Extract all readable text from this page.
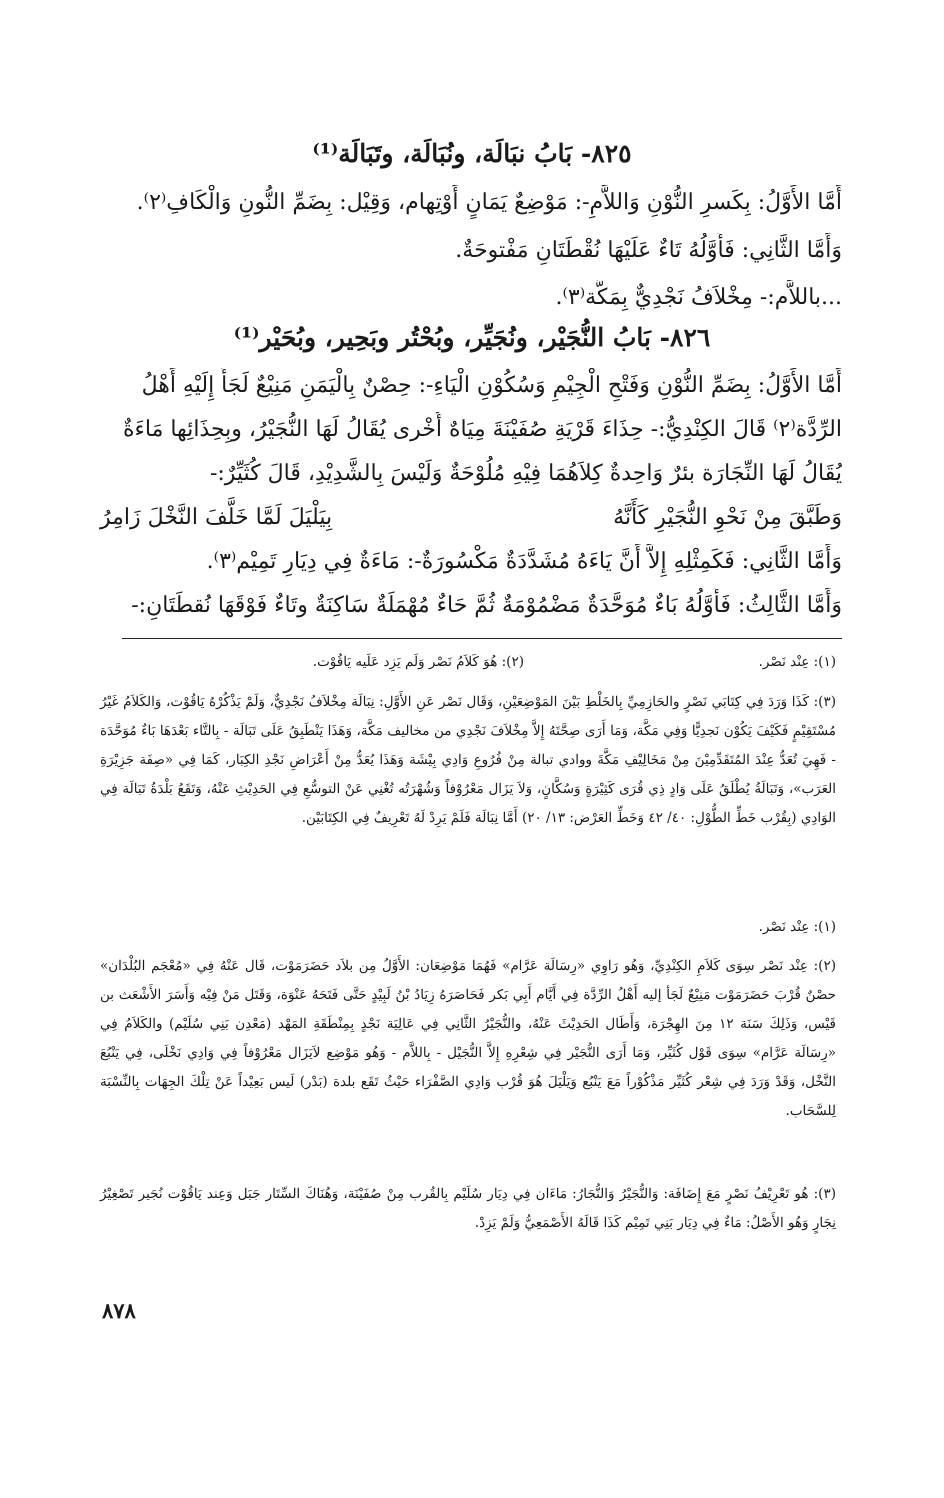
٨٢٥- بَابُ نبَالَة، ونُبَالَة، وتَبَالَة⁽¹⁾
أَمَّا الأَوَّلُ: بِكَسرِ النُّوْنِ وَاللاَّمِ-: مَوْضِعٌ يَمَانٍ أَوْتِهام، وَقِيْل: بِضَمِّ النُّونِ وَالْكَافِ⁽٢⁾.
وَأَمَّا الثَّانِي: فَأَوَّلُهُ تَاءٌ عَلَيْهَا نُقْطَتَانِ مَفْتوحَةٌ.
...باللاَّم:- مِخْلاَفُ نَجْدِيٌّ بِمَكَّة⁽٣⁾.
٨٢٦- بَابُ النُّجَيْر، ونُجَيِّر، وبُحْتُر وبَحِير، وبُحَيْر⁽¹⁾
أَمَّا الأَوَّلُ: بِضَمِّ النُّوْنِ وَفَتْحِ الْجِيْمِ وَسُكُوْنِ الْيَاءِ-: حِصْنٌ بِالْيَمَنِ مَنِيْعٌ لَجَأَ إِلَيْهِ أَهْلُ
الرِّدَّة⁽٢⁾ قَالَ الكِنْدِيُّ:- حِذَاءَ قَرْيَةِ صُفَيْنَةَ مِيَاهٌ أُخْرى يُقَالُ لَهَا النُّجَيْرُ، وبِحِذَائِها مَاءَةٌ
يُقَالُ لَهَا النِّجَارَة بئرٌ وَاحِدةٌ كِلاَهُمَا فِيْهِ مُلُوْحَةٌ وَلَيْسَ بِالشَّدِيْدِ، قَالَ كُثَيِّرٌ:-
وَطَبَّقَ مِنْ نَحْوِ النُّجَيْرِ كَأَنَّهُ
بِيَلْيَلَ لَمَّا خَلَّفَ النَّخْلَ زَامِرُ
وَأَمَّا الثَّانِي: فَكَمِثْلِهِ إِلاَّ أَنَّ يَاءَهُ مُشَدَّدَةٌ مَكْسُورَةٌ-: مَاءَةٌ فِي دِيَارِ تَمِيْم⁽٣⁾.
وَأَمَّا الثَّالِثُ: فَأَوَّلُهُ بَاءٌ مُوَحَّدَةٌ مَضْمُوْمَةٌ ثُمَّ حَاءٌ مُهْمَلَةٌ سَاكِنَةٌ وتَاءٌ فَوْقَهَا نُقطَتَانِ:-
(١): عِنْد نَصْر.
(٢): هُوَ كَلاَمُ نَصْر وَلَم يَزِد عَلَيه يَاقُوْت.
(٣): كَذَا وَرَدَ فِي كِتَابَي نَصْرٍ والحَازِمِيِّ بِالخَلْطِ بَيْنَ المَوْضِعَيْنِ، وَقَال نَصْر عَنِ الأَوَّلِ: نِبَالَة مِخْلاَفُ نَجْدِيٌّ، وَلَمْ يَذْكُرْهُ يَاقُوْت، وَالكَلاَمُ غَيْرُ مُسْتَقِيْمٍ فَكَيْفَ يَكُوْن نَجدِيًّا وَفِي مَكَّة، وَمَا أَرَى صِحَّتَهُ إِلاَّ مِخْلاَفَ نَجْدِي من مخاليف مَكَّة، وَهَذَا يَنْطَبِقُ عَلَى تَبَالَة - بِالتَّاء بَعْدَهَا بَاءٌ مُوَحَّدَة - فَهِيَ تُعَدُّ عِنْدَ المُتَقَدِّمِيْنَ مِنْ مَخَالِيْفِ مَكَّةَ ووادي تبالة مِنْ فُرُوعِ وَادِي بِيْشَة وَهَذَا يُعَدُّ مِنْ أَعْرَاضِ نَجْدِ الكِبَار، كَمَا فِي «صِفَة جَزِيْرَةِ العَرَب»، وَتَبَالَةُ يُطْلَقُ عَلَى وَادٍ ذِي قُرَى كَثِيْرَةٍ وَسُكَّانٍ، وَلاَ يَزَال مَعْرُوْفاً وَشُهْرَتُه تُغْنِي عَنْ التوسُّعِ فِي الحَدِيْثِ عَنْهُ، وَتَقَعُ بَلْدَةُ تَبَالَة فِي الوَادِي (بِقُرْب خَطِّ الطُّوْلِ: ٤٠/ ٤٢ وَخَطِّ العَرْض: ١٣/ ٢٠) أَمَّا نِبَالَة فَلَمْ يَرِدْ لَهُ تَعْرِيفٌ فِي الكِتَابَيْن.
(١): عِنْد نَصْر.
(٢): عِنْد نَصْر سِوَى كَلاَمِ الكِنْدِيِّ، وَهُو رَاوِي «رِسَالَة عَرَّام» فَهُمَا مَوْضِعَان: الأَوَّلُ مِن بلاَد حَضَرَمَوْت، قَال عَنْهُ فِي «مُعْجَم البُلْدَان» حصْنٌ قُرْبَ حَضَرَمَوْت مَنِيْعٌ لَجَأ إليه أَهْلُ الرِّدَّة فِي أَيَّام أَبِي بَكر فَحَاصَرَهُ زِيَادُ بْنُ لَبِيْدٍ حَتَّى فَتَحَهُ عَنْوَة، وَقَتَل مَنْ فِيْه وَأَسَرَ الأَشْعَث بن قَيْس، وَذَلِكَ سَنَة ١٢ مِنَ الهِجْرَة، وَأَطَال الحَدِيْثَ عَنْهُ، والنُّجَيْرُ الثَّانِي فِي عَالِيَة نَجْدٍ بِمِنْطَقَةِ المَهْد (مَعْدِن بَنِي سُلَيْم) والكَلاَمُ فِي «رِسَالَة عَرَّام» سِوَى قَوْل كُثَيِّر، وَمَا أَرَى النُّجَيْر فِي شِعْرِهِ إِلاَّ النُّجَيْل - بِاللاَّم - وَهُو مَوْضِع لاَيَزَال مَعْرُوْفاً فِي وَادِي نَخْلَى، فِي يَنْبُعَ النَّخْل، وَقَدْ وَرَدَ فِي شِعْر كُثَيِّر مَذْكُوْراً مَعَ يَنْبُع وَيَلْيَلَ هُوَ قُرْب وَادِي الصَّفْرَاء حَيْثُ تَقَع بلدة (بَدْر) لَيس بَعِيْداً عَنْ تِلْكَ الجِهَات بِالنِّسْبَة لِلسَّحَاب.
(٣): هُو تَعْرِيْفُ نَصْرٍ مَعَ إِضَافَة: وَالنُّجَيْرُ وَالنُّجَارُ: مَاءَان فِي دِيَار سُلَيْم بِالقُرب مِنْ صُفَيْنَة، وَهُنَاكَ السِّتَار جَبَل وَعِند يَاقُوْت نُجَير تَصْغِيْرُ نِجَارٍ وَهُو الأَصْلُ: مَاءٌ فِي دِيَار بَنِي تَمِيْم كَذَا قَالَهُ الأَصْمَعِيُّ وَلَمْ يَزِدْ.
٨٧٨
